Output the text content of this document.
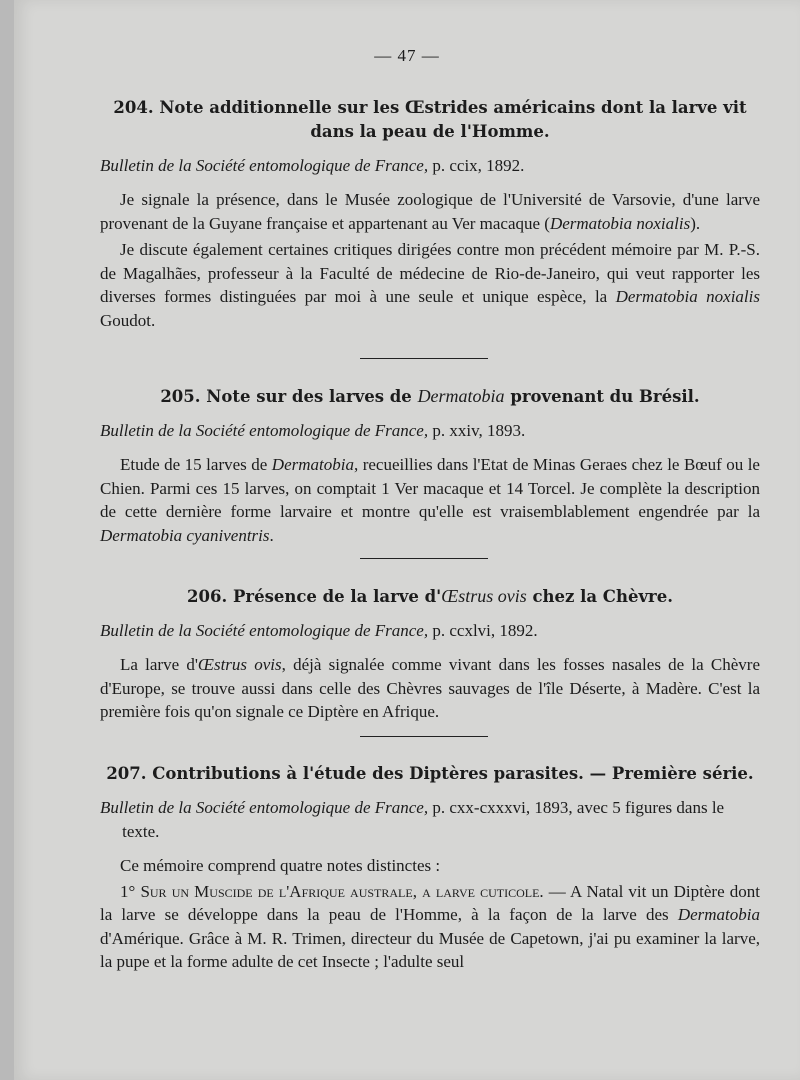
— 47 —

204. Note additionnelle sur les Œstrides américains dont la larve vit dans la peau de l'Homme.

Bulletin de la Société entomologique de France, p. ccix, 1892.
Je signale la présence, dans le Musée zoologique de l'Université de Varsovie, d'une larve provenant de la Guyane française et appartenant au Ver macaque (Dermatobia noxialis).
Je discute également certaines critiques dirigées contre mon précédent mémoire par M. P.-S. de Magalhães, professeur à la Faculté de médecine de Rio-de-Janeiro, qui veut rapporter les diverses formes distinguées par moi à une seule et unique espèce, la Dermatobia noxialis Goudot.

205. Note sur des larves de Dermatobia provenant du Brésil.

Bulletin de la Société entomologique de France, p. xxiv, 1893.
Etude de 15 larves de Dermatobia, recueillies dans l'Etat de Minas Geraes chez le Bœuf ou le Chien. Parmi ces 15 larves, on comptait 1 Ver macaque et 14 Torcel. Je complète la description de cette dernière forme larvaire et montre qu'elle est vraisemblablement engendrée par la Dermatobia cyaniventris.

206. Présence de la larve d'Œstrus ovis chez la Chèvre.

Bulletin de la Société entomologique de France, p. ccxlvi, 1892.
La larve d'Œstrus ovis, déjà signalée comme vivant dans les fosses nasales de la Chèvre d'Europe, se trouve aussi dans celle des Chèvres sauvages de l'île Déserte, à Madère. C'est la première fois qu'on signale ce Diptère en Afrique.

207. Contributions à l'étude des Diptères parasites. — Première série.

Bulletin de la Société entomologique de France, p. cxx-cxxxvi, 1893, avec 5 figures dans le texte.
Ce mémoire comprend quatre notes distinctes :
1° Sur un Muscide de l'Afrique australe, a larve cuticole. — A Natal vit un Diptère dont la larve se développe dans la peau de l'Homme, à la façon de la larve des Dermatobia d'Amérique. Grâce à M. R. Trimen, directeur du Musée de Capetown, j'ai pu examiner la larve, la pupe et la forme adulte de cet Insecte ; l'adulte seul
